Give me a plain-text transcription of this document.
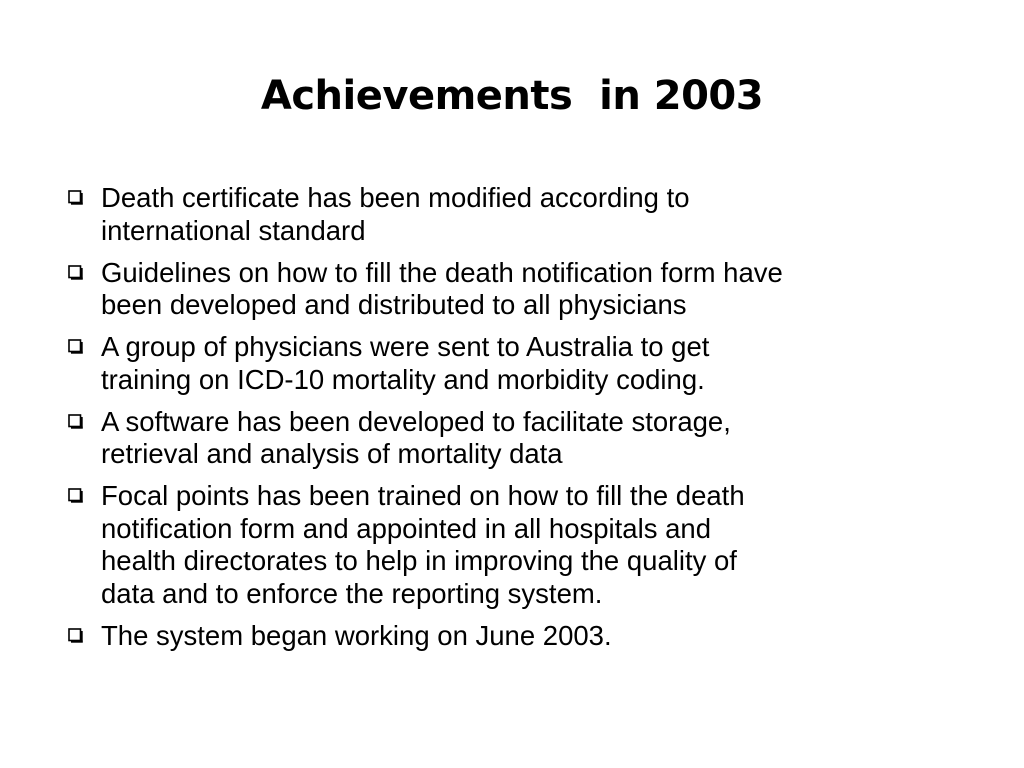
Achievements  in 2003
Death certificate has been modified according to
international standard
Guidelines on how to fill the death notification form have
been developed and distributed to all physicians
A group of physicians were sent to Australia to get
training on ICD-10 mortality and morbidity coding.
A software has been developed to facilitate storage,
retrieval and analysis of mortality data
Focal points has been trained on how to fill the death
notification form and appointed in all hospitals and
health directorates to help in improving the quality of
data and to enforce the reporting system.
The system began working on June 2003.
